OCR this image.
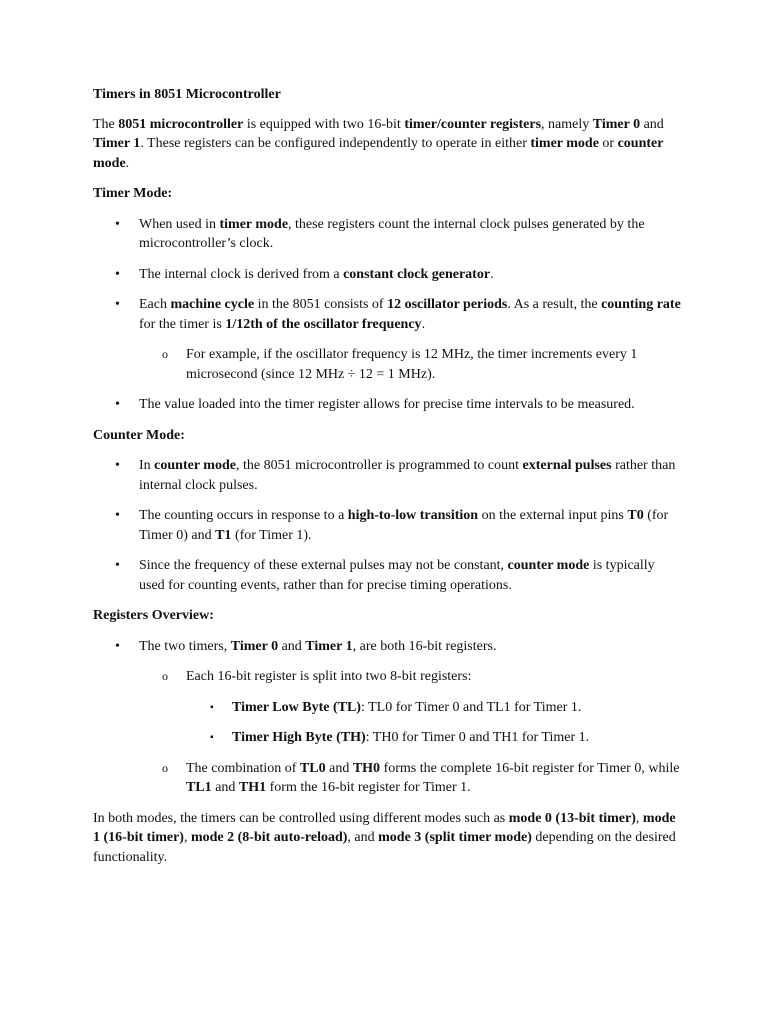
Timers in 8051 Microcontroller

The 8051 microcontroller is equipped with two 16-bit timer/counter registers, namely Timer 0 and Timer 1. These registers can be configured independently to operate in either timer mode or counter mode.

Timer Mode:

• When used in timer mode, these registers count the internal clock pulses generated by the microcontroller’s clock.
• The internal clock is derived from a constant clock generator.
• Each machine cycle in the 8051 consists of 12 oscillator periods. As a result, the counting rate for the timer is 1/12th of the oscillator frequency.
o For example, if the oscillator frequency is 12 MHz, the timer increments every 1 microsecond (since 12 MHz ÷ 12 = 1 MHz).
• The value loaded into the timer register allows for precise time intervals to be measured.

Counter Mode:

• In counter mode, the 8051 microcontroller is programmed to count external pulses rather than internal clock pulses.
• The counting occurs in response to a high-to-low transition on the external input pins T0 (for Timer 0) and T1 (for Timer 1).
• Since the frequency of these external pulses may not be constant, counter mode is typically used for counting events, rather than for precise timing operations.

Registers Overview:

• The two timers, Timer 0 and Timer 1, are both 16-bit registers.
o Each 16-bit register is split into two 8-bit registers:
▪ Timer Low Byte (TL): TL0 for Timer 0 and TL1 for Timer 1.
▪ Timer High Byte (TH): TH0 for Timer 0 and TH1 for Timer 1.
o The combination of TL0 and TH0 forms the complete 16-bit register for Timer 0, while TL1 and TH1 form the 16-bit register for Timer 1.

In both modes, the timers can be controlled using different modes such as mode 0 (13-bit timer), mode 1 (16-bit timer), mode 2 (8-bit auto-reload), and mode 3 (split timer mode) depending on the desired functionality.
